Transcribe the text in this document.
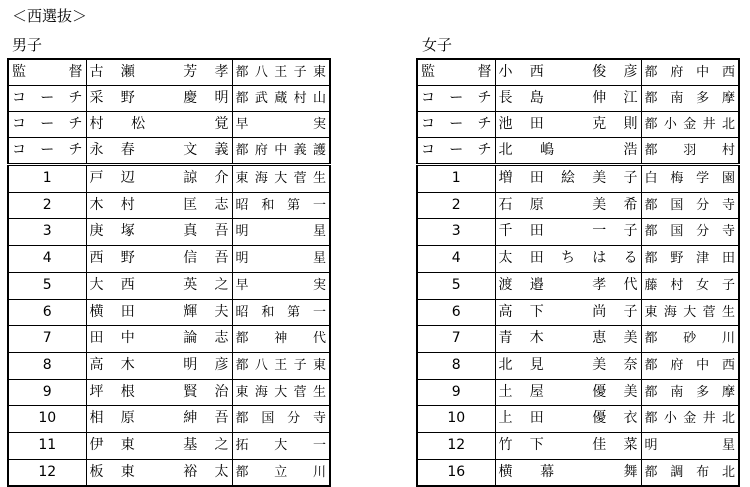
＜西選抜＞
男子	女子
監督	古瀬　芳孝	都八王子東
コーチ	采野　慶明	都武蔵村山
コーチ	村松　覚	早実
コーチ	永春　文義	都府中義護
1	戸辺　諒介	東海大菅生
2	木村　匡志	昭和第一
3	庚塚　真吾	明星
4	西野　信吾	明星
5	大西　英之	早実
6	横田　輝夫	昭和第一
7	田中　論志	都神代
8	高木　明彦	都八王子東
9	坪根　賢治	東海大菅生
10	相原　紳吾	都国分寺
11	伊東　基之	拓大一
12	板東　裕太	都立川
監督	小西　俊彦	都府中西
コーチ	長島　伸江	都南多摩
コーチ	池田　克則	都小金井北
コーチ	北嶋　浩	都羽村
1	増田絵美子	白梅学園
2	石原　美希	都国分寺
3	千田　一子	都国分寺
4	太田ちはる	都野津田
5	渡邉　孝代	藤村女子
6	高下　尚子	東海大菅生
7	青木　恵美	都砂川
8	北見　美奈	都府中西
9	土屋　優美	都南多摩
10	上田　優衣	都小金井北
12	竹下　佳菜	明星
16	横幕　舞	都調布北
